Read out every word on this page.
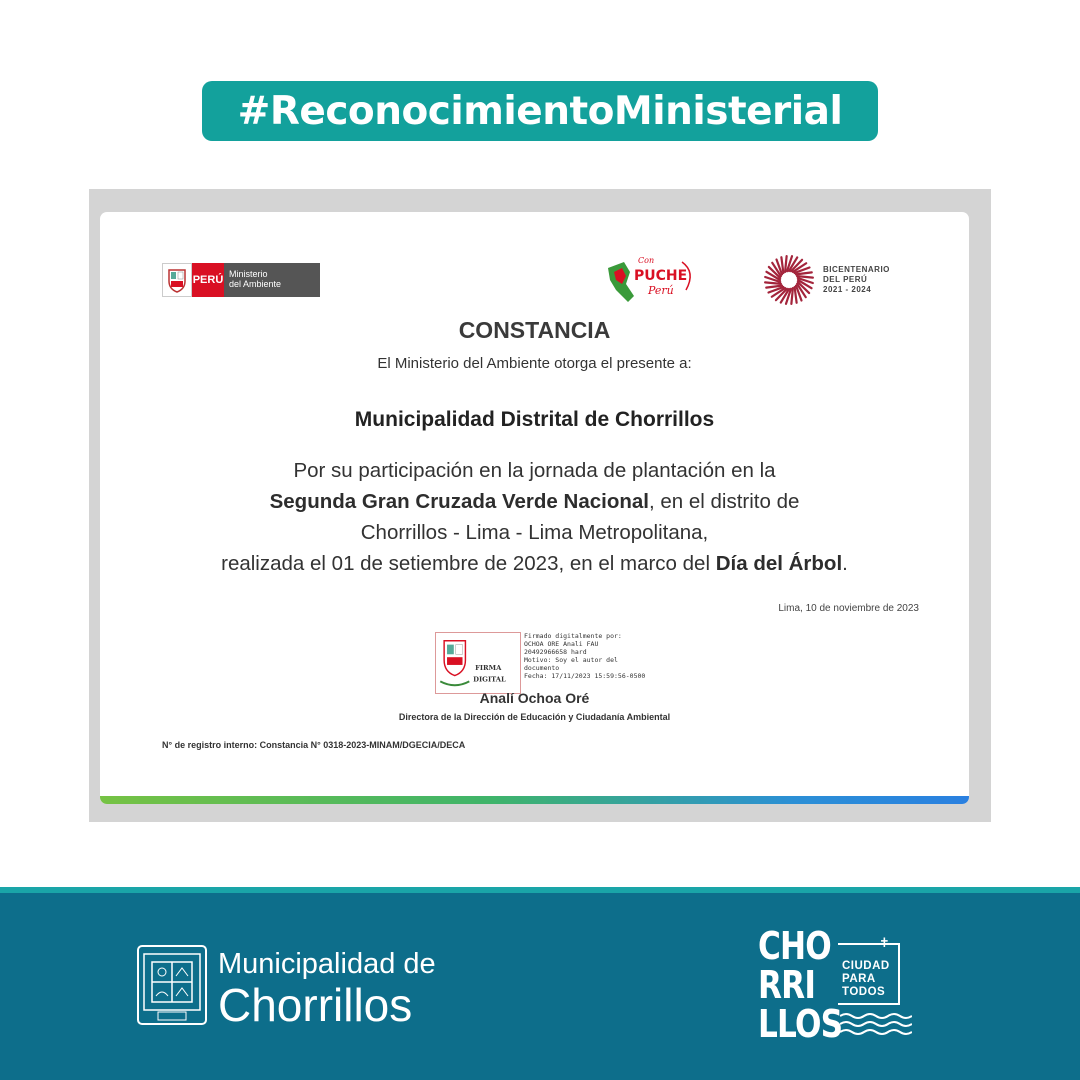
#ReconocimientoMinisterial
PERÚ Ministerio
del Ambiente
Con
PUCHE
Perú
BICENTENARIO
DEL PERÚ
2021 - 2024
CONSTANCIA
El Ministerio del Ambiente otorga el presente a:
Municipalidad Distrital de Chorrillos
Por su participación en la jornada de plantación en la
Segunda Gran Cruzada Verde Nacional, en el distrito de
Chorrillos - Lima - Lima Metropolitana,
realizada el 01 de setiembre de 2023, en el marco del Día del Árbol.
Lima, 10 de noviembre de 2023
FIRMA
DIGITAL
Firmado digitalmente por:
OCHOA ORE Anali FAU
20492966658 hard
Motivo: Soy el autor del
documento
Fecha: 17/11/2023 15:59:56-0500
Analí Ochoa Oré
Directora de la Dirección de Educación y Ciudadanía Ambiental
N° de registro interno: Constancia N° 0318-2023-MINAM/DGECIA/DECA
Municipalidad de
Chorrillos
CHO
RRI
LLOS
✝
CIUDAD
PARA
TODOS
